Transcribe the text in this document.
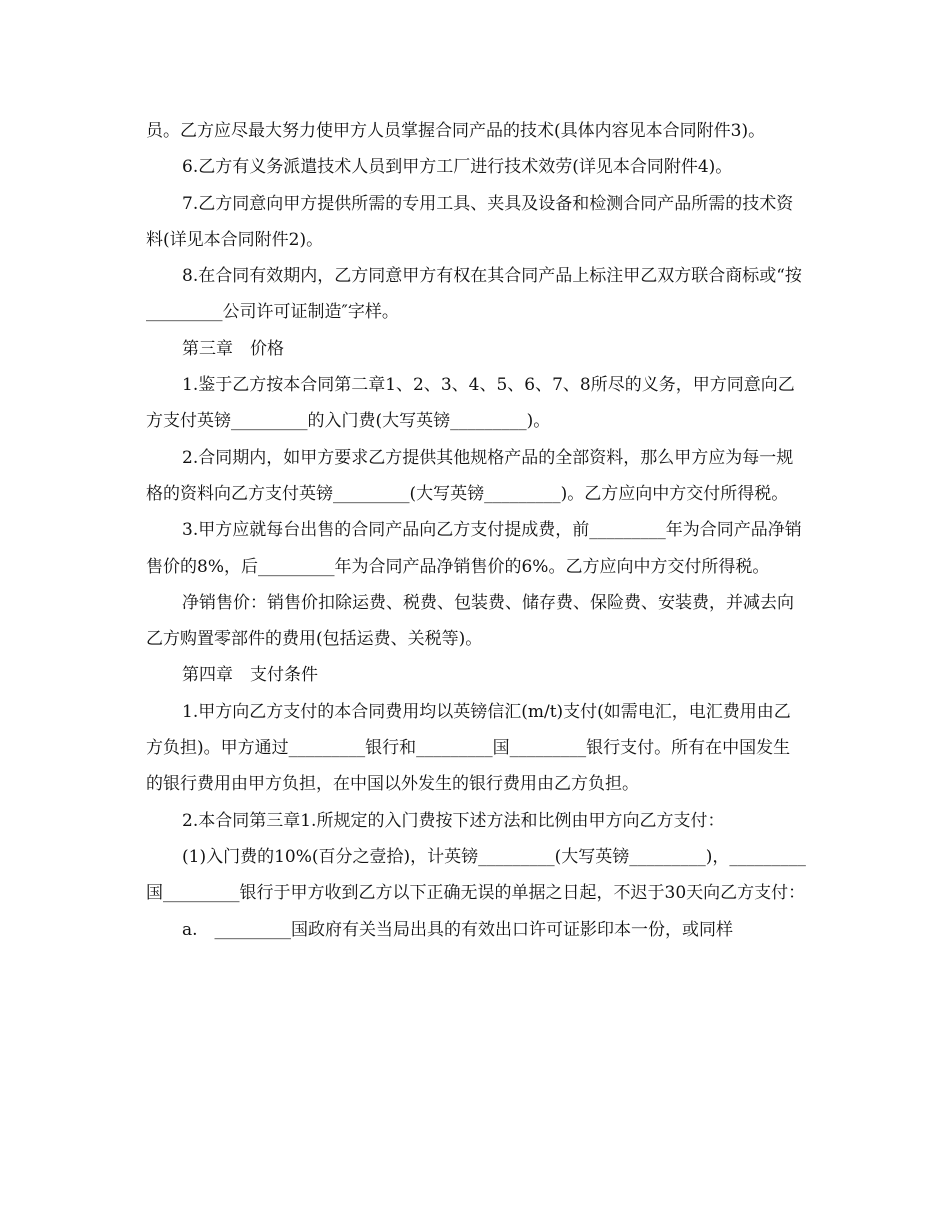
员。乙方应尽最大努力使甲方人员掌握合同产品的技术(具体内容见本合同附件3)。

6.乙方有义务派遣技术人员到甲方工厂进行技术效劳(详见本合同附件4)。

7.乙方同意向甲方提供所需的专用工具、夹具及设备和检测合同产品所需的技术资料(详见本合同附件2)。

8.在合同有效期内，乙方同意甲方有权在其合同产品上标注甲乙双方联合商标或“按_________公司许可证制造″字样。

第三章　价格

1.鉴于乙方按本合同第二章1、2、3、4、5、6、7、8所尽的义务，甲方同意向乙方支付英镑_________的入门费(大写英镑_________)。

2.合同期内，如甲方要求乙方提供其他规格产品的全部资料，那么甲方应为每一规格的资料向乙方支付英镑_________(大写英镑_________)。乙方应向中方交付所得税。

3.甲方应就每台出售的合同产品向乙方支付提成费，前_________年为合同产品净销售价的8%，后_________年为合同产品净销售价的6%。乙方应向中方交付所得税。

净销售价：销售价扣除运费、税费、包装费、储存费、保险费、安装费，并减去向乙方购置零部件的费用(包括运费、关税等)。

第四章　支付条件

1.甲方向乙方支付的本合同费用均以英镑信汇(m/t)支付(如需电汇，电汇费用由乙方负担)。甲方通过_________银行和_________国_________银行支付。所有在中国发生的银行费用由甲方负担，在中国以外发生的银行费用由乙方负担。

2.本合同第三章1.所规定的入门费按下述方法和比例由甲方向乙方支付：

(1)入门费的10%(百分之壹拾)，计英镑_________(大写英镑_________)，_________国_________银行于甲方收到乙方以下正确无误的单据之日起，不迟于30天向乙方支付：

a.　_________国政府有关当局出具的有效出口许可证影印本一份，或同样
